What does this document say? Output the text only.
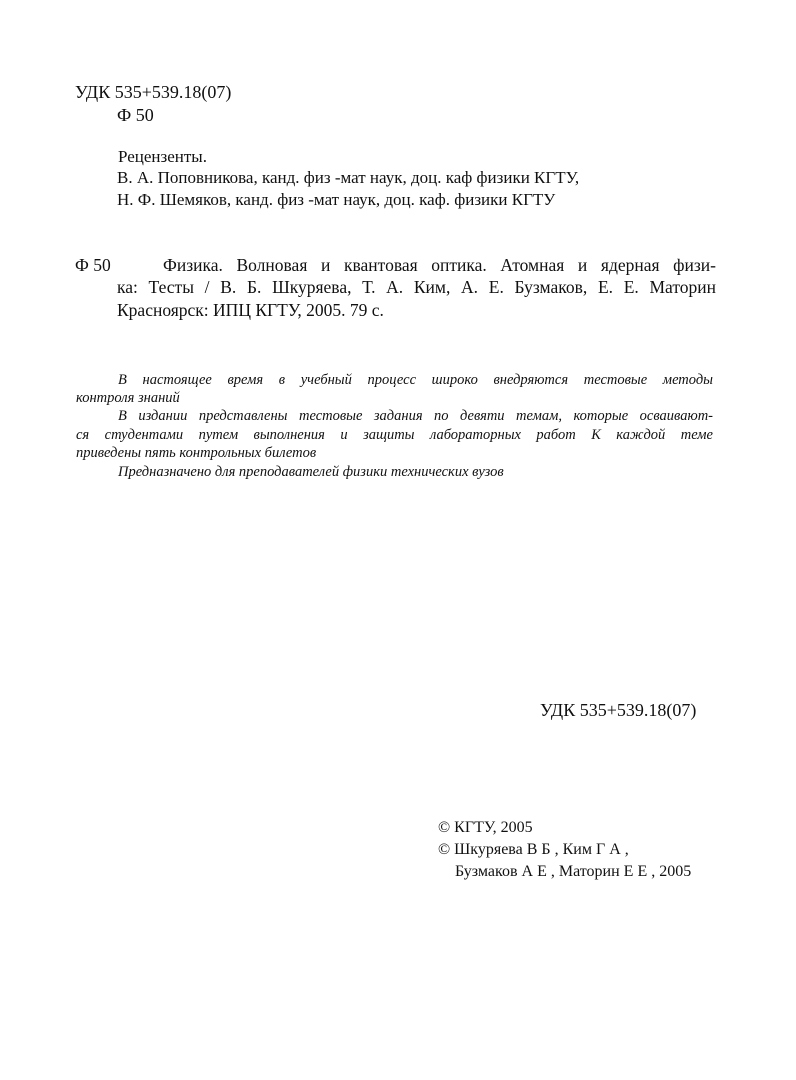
УДК 535+539.18(07)
Ф 50
Рецензенты.
В. А. Поповникова, канд. физ -мат наук, доц. каф физики КГТУ,
Н. Ф. Шемяков, канд. физ -мат наук, доц. каф. физики КГТУ
Ф 50	Физика. Волновая и квантовая оптика. Атомная и ядерная физи-
ка: Тесты / В. Б. Шкуряева, Т. А. Ким, А. Е. Бузмаков, Е. Е. Маторин
Красноярск: ИПЦ КГТУ, 2005. 79 с.
В настоящее время в учебный процесс широко внедряются тестовые методы
контроля знаний
В издании представлены тестовые задания по девяти темам, которые осваивают-
ся студентами путем выполнения и защиты лабораторных работ К каждой теме
приведены пять контрольных билетов
Предназначено для преподавателей физики технических вузов
УДК 535+539.18(07)
© КГТУ, 2005
© Шкуряева В Б , Ким Г А ,
Бузмаков А Е , Маторин Е Е , 2005
